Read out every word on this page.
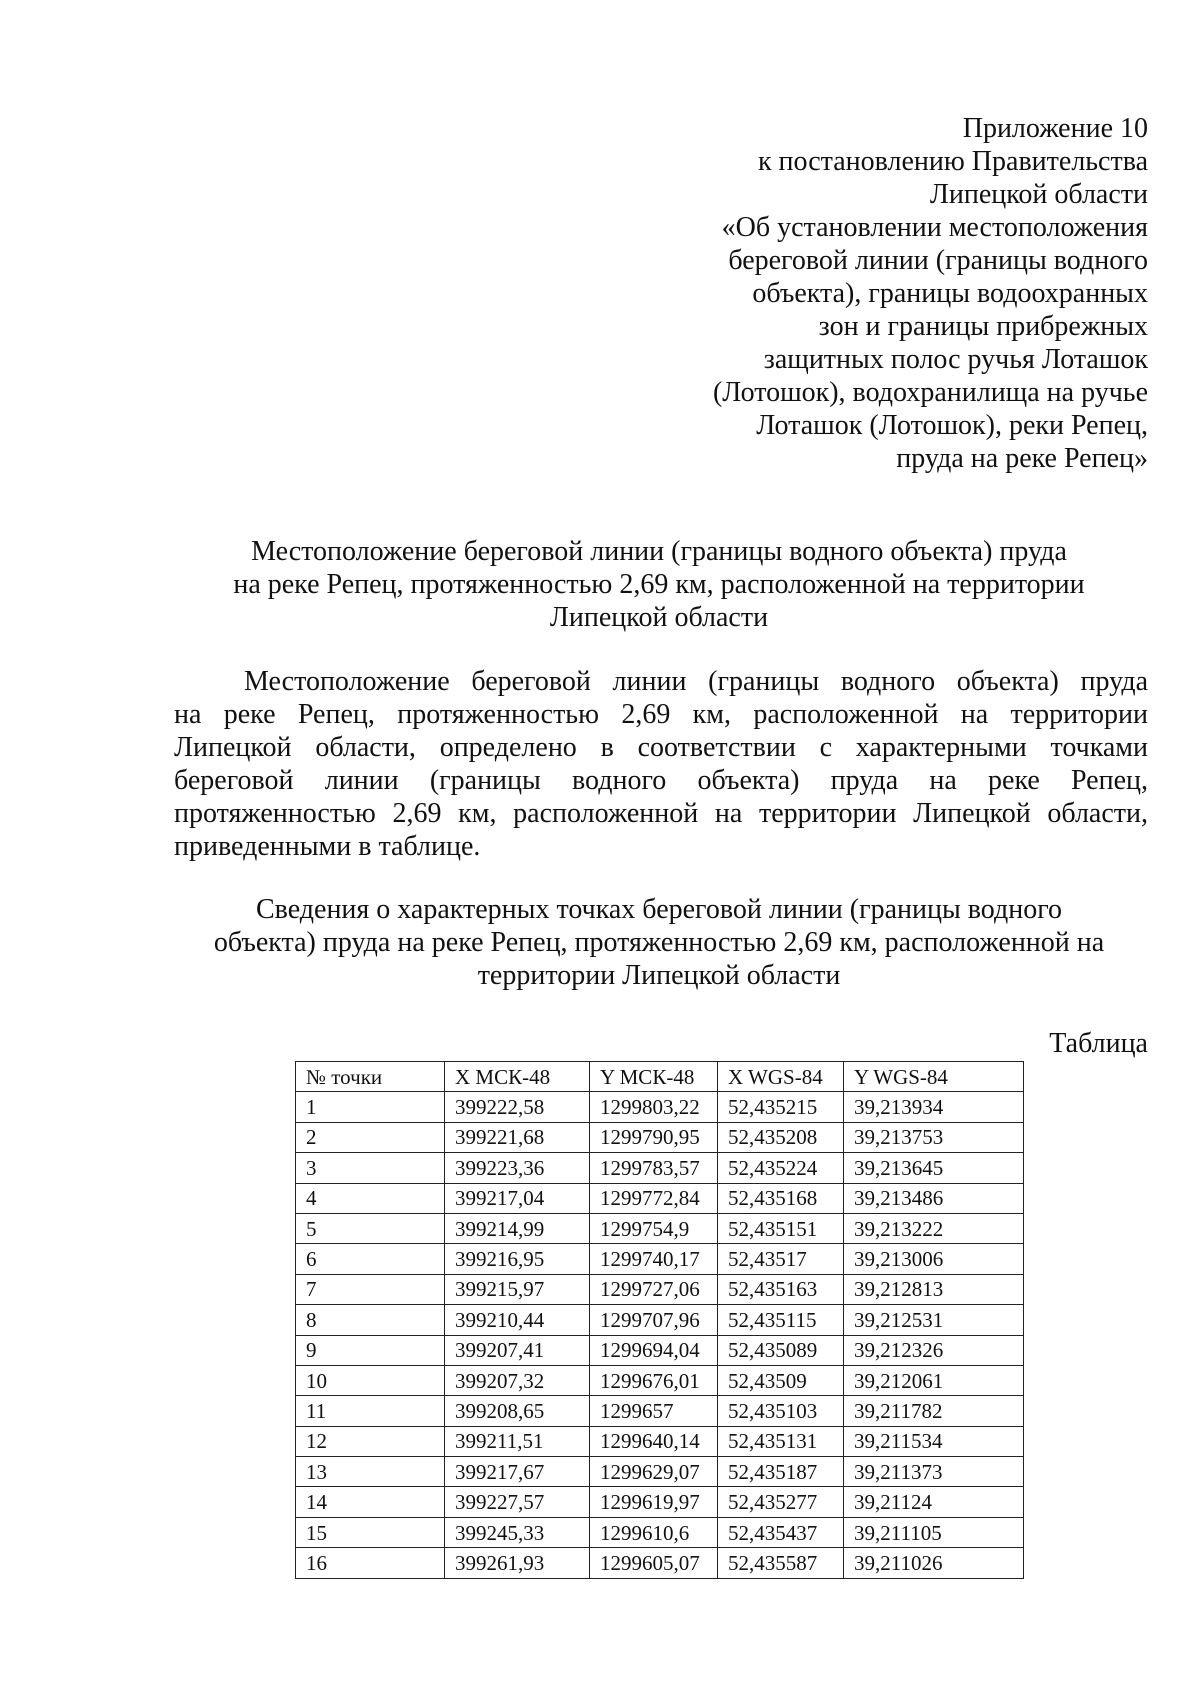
Приложение 10
к постановлению Правительства
Липецкой области
«Об установлении местоположения
береговой линии (границы водного
объекта), границы водоохранных
зон и границы прибрежных
защитных полос ручья Лоташок
(Лотошок), водохранилища на ручье
Лоташок (Лотошок), реки Репец,
пруда на реке Репец»
Местоположение береговой линии (границы водного объекта) пруда
на реке Репец, протяженностью 2,69 км, расположенной на территории
Липецкой области
Местоположение береговой линии (границы водного объекта) пруда
на реке Репец, протяженностью 2,69 км, расположенной на территории
Липецкой области, определено в соответствии с характерными точками
береговой линии (границы водного объекта) пруда на реке Репец,
протяженностью 2,69 км, расположенной на территории Липецкой области,
приведенными в таблице.
Сведения о характерных точках береговой линии (границы водного
объекта) пруда на реке Репец, протяженностью 2,69 км, расположенной на
территории Липецкой области
Таблица
№ точки	X МСК-48	Y МСК-48	X WGS-84	Y WGS-84
1	399222,58	1299803,22	52,435215	39,213934
2	399221,68	1299790,95	52,435208	39,213753
3	399223,36	1299783,57	52,435224	39,213645
4	399217,04	1299772,84	52,435168	39,213486
5	399214,99	1299754,9	52,435151	39,213222
6	399216,95	1299740,17	52,43517	39,213006
7	399215,97	1299727,06	52,435163	39,212813
8	399210,44	1299707,96	52,435115	39,212531
9	399207,41	1299694,04	52,435089	39,212326
10	399207,32	1299676,01	52,43509	39,212061
11	399208,65	1299657	52,435103	39,211782
12	399211,51	1299640,14	52,435131	39,211534
13	399217,67	1299629,07	52,435187	39,211373
14	399227,57	1299619,97	52,435277	39,21124
15	399245,33	1299610,6	52,435437	39,211105
16	399261,93	1299605,07	52,435587	39,211026
